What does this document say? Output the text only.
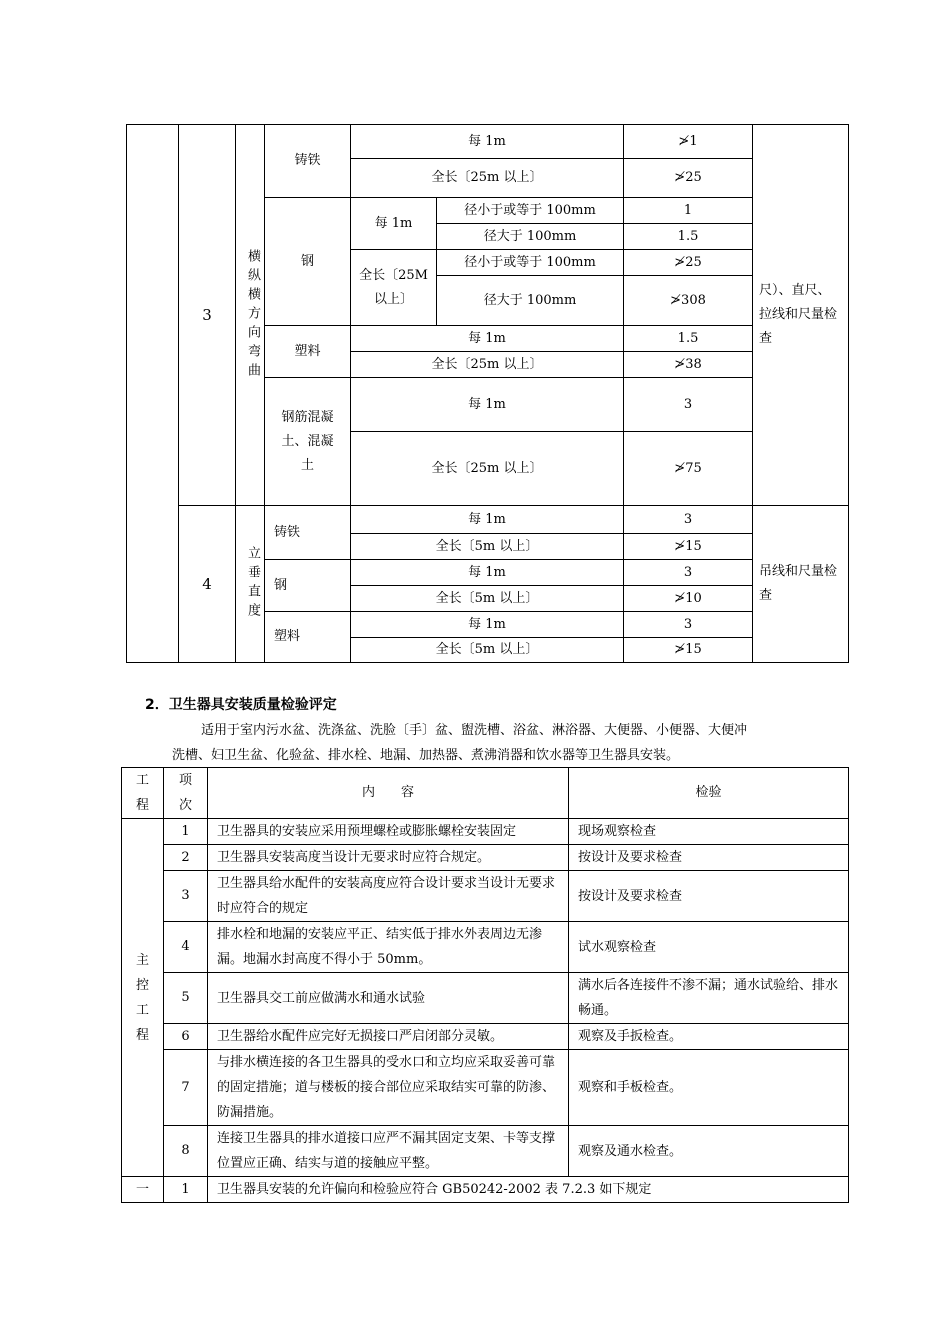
	3	横纵横方向弯曲	铸铁	每 1m		≯1	尺）、直尺、拉线和尺量检查
				全长〔25m 以上〕		≯25	
			钢	每 1m	径小于或等于 100mm	1	
					径大于 100mm	1.5	
				全长〔25M 以上〕	径小于或等于 100mm	≯25	
					径大于 100mm	≯308	
			塑料	每 1m		1.5	
				全长〔25m 以上〕		≯38	
			钢筋混凝土、混凝土	每 1m		3	

				全长〔25m 以上〕		≯75	

	4	立垂直度	铸铁	每 1m		3	吊线和尺量检查
				全长〔5m 以上〕		≯15	
			钢	每 1m		3	
				全长〔5m 以上〕		≯10	
			塑料	每 1m		3	
				全长〔5m 以上〕		≯15	
2．卫生器具安装质量检验评定
适用于室内污水盆、洗涤盆、洗脸〔手〕盆、盥洗槽、浴盆、淋浴器、大便器、小便器、大便冲
洗槽、妇卫生盆、化验盆、排水栓、地漏、加热器、煮沸消器和饮水器等卫生器具安装。
工程	项次	内　　容	检验

主控工程	1	卫生器具的安装应采用预埋螺栓或膨胀螺栓安装固定	现场观察检查
	2	卫生器具安装高度当设计无要求时应符合规定。	按设计及要求检查
	3	卫生器具给水配件的安装高度应符合设计要求当设计无要求时应符合的规定	按设计及要求检查
	4	排水栓和地漏的安装应平正、结实低于排水外表周边无渗漏。地漏水封高度不得小于 50mm。	试水观察检查
	5	卫生器具交工前应做满水和通水试验	满水后各连接件不渗不漏；通水试验给、排水畅通。
	6	卫生器给水配件应完好无损接口严启闭部分灵敏。	观察及手扳检查。
	7	与排水横连接的各卫生器具的受水口和立均应采取妥善可靠的固定措施；道与楼板的接合部位应采取结实可靠的防渗、防漏措施。	观察和手板检查。
	8	连接卫生器具的排水道接口应严不漏其固定支架、卡等支撑位置应正确、结实与道的接触应平整。	观察及通水检查。
一	1	卫生器具安装的允许偏向和检验应符合 GB50242-2002 表 7.2.3 如下规定	
